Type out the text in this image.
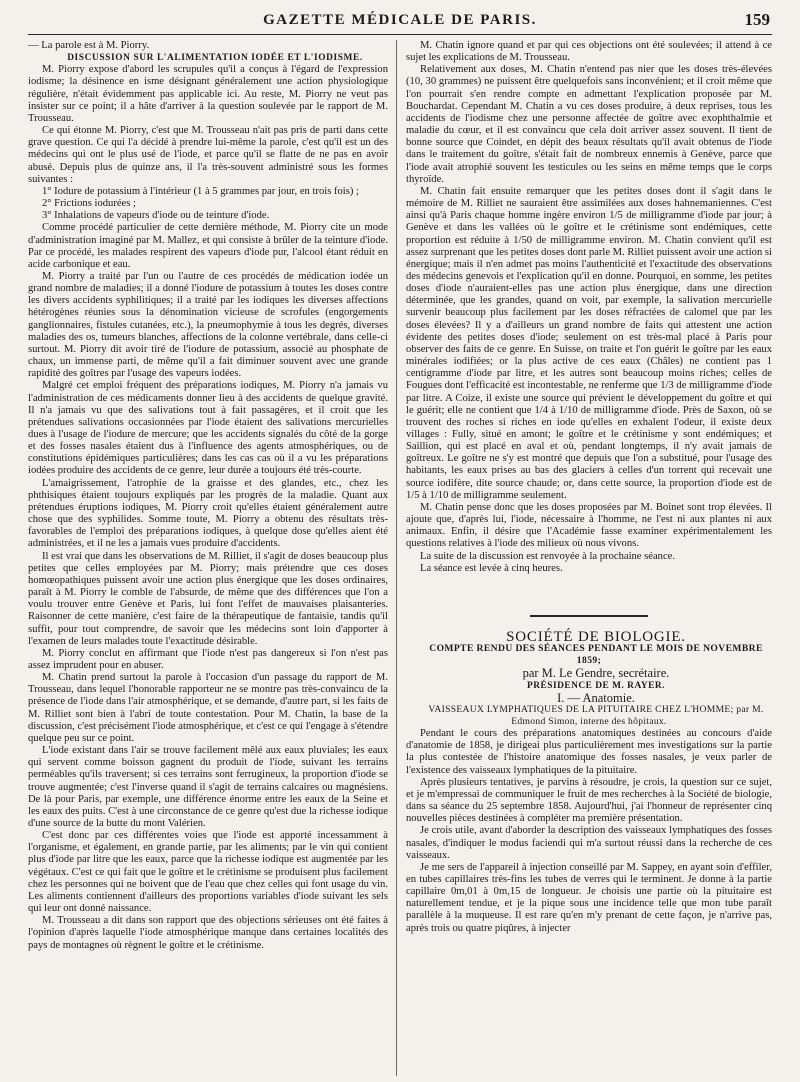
GAZETTE MÉDICALE DE PARIS.	159

— La parole est à M. Piorry.

DISCUSSION SUR L'ALIMENTATION IODÉE ET L'IODISME.

M. Piorry expose d'abord les scrupules qu'il a conçus à l'égard de l'expression iodisme; la désinence en isme désignant généralement une action physiologique régulière, n'était évidemment pas applicable ici. Au reste, M. Piorry ne veut pas insister sur ce point; il a hâte d'arriver à la question soulevée par le rapport de M. Trousseau.

Ce qui étonne M. Piorry, c'est que M. Trousseau n'ait pas pris de parti dans cette grave question. Ce qui l'a décidé à prendre lui-même la parole, c'est qu'il est un des médecins qui ont le plus usé de l'iode, et parce qu'il se flatte de ne pas en avoir abusé. Depuis plus de quinze ans, il l'a très-souvent administré sous les formes suivantes :

1° Iodure de potassium à l'intérieur (1 à 5 grammes par jour, en trois fois) ;

2° Frictions iodurées ;

3° Inhalations de vapeurs d'iode ou de teinture d'iode.

Comme procédé particulier de cette dernière méthode, M. Piorry cite un mode d'administration imaginé par M. Mallez, et qui consiste à brûler de la teinture d'iode. Par ce procédé, les malades respirent des vapeurs d'iode pur, l'alcool étant réduit en acide carbonique et eau.

M. Piorry a traité par l'un ou l'autre de ces procédés de médication iodée un grand nombre de maladies; il a donné l'iodure de potassium à toutes les doses contre les divers accidents syphilitiques; il a traité par les iodiques les diverses affections hétérogènes réunies sous la dénomination vicieuse de scrofules (engorgements ganglionnaires, fistules cutanées, etc.), la pneumophymie à tous les degrés, diverses maladies des os, tumeurs blanches, affections de la colonne vertébrale, dans celle-ci surtout. M. Piorry dit avoir tiré de l'iodure de potassium, associé au phosphate de chaux, un immense parti, de même qu'il a fait diminuer souvent avec une grande rapidité des goîtres par l'usage des vapeurs iodées.

Malgré cet emploi fréquent des préparations iodiques, M. Piorry n'a jamais vu l'administration de ces médicaments donner lieu à des accidents de quelque gravité. Il n'a jamais vu que des salivations tout à fait passagères, et il croit que les prétendues salivations occasionnées par l'iode étaient des salivations mercurielles dues à l'usage de l'iodure de mercure; que les accidents signalés du côté de la gorge et des fosses nasales étaient dus à l'influence des agents atmosphériques, ou de constitutions épidémiques particulières; dans les cas cas où il a vu les préparations iodées produire des accidents de ce genre, leur durée a toujours été très-courte.

L'amaigrissement, l'atrophie de la graisse et des glandes, etc., chez les phthisiques étaient toujours expliqués par les progrès de la maladie. Quant aux prétendues éruptions iodiques, M. Piorry croit qu'elles étaient généralement autre chose que des syphilides. Somme toute, M. Piorry a obtenu des résultats très-favorables de l'emploi des préparations iodiques, à quelque dose qu'elles aient été administrées, et il ne les a jamais vues produire d'accidents.

Il est vrai que dans les observations de M. Rilliet, il s'agit de doses beaucoup plus petites que celles employées par M. Piorry; mais prétendre que ces doses homœopathiques puissent avoir une action plus énergique que les doses ordinaires, paraît à M. Piorry le comble de l'absurde, de même que des différences que l'on a voulu trouver entre Genève et Paris, lui font l'effet de mauvaises plaisanteries. Raisonner de cette manière, c'est faire de la thérapeutique de fantaisie, tandis qu'il suffit, pour tout comprendre, de savoir que les médecins sont loin d'apporter à l'examen de leurs malades toute l'exactitude désirable.

M. Piorry conclut en affirmant que l'iode n'est pas dangereux si l'on n'est pas assez imprudent pour en abuser.

M. Chatin prend surtout la parole à l'occasion d'un passage du rapport de M. Trousseau, dans lequel l'honorable rapporteur ne se montre pas très-convaincu de la présence de l'iode dans l'air atmosphérique, et se demande, d'autre part, si les faits de M. Rilliet sont bien à l'abri de toute contestation. Pour M. Chatin, la base de la discussion, c'est précisément l'iode atmosphérique, et c'est ce qui l'engage à s'étendre quelque peu sur ce point.

L'iode existant dans l'air se trouve facilement mêlé aux eaux pluviales; les eaux qui servent comme boisson gagnent du produit de l'iode, suivant les terrains perméables qu'ils traversent; si ces terrains sont ferrugineux, la proportion d'iode se trouve augmentée; c'est l'inverse quand il s'agit de terrains calcaires ou magnésiens. De là pour Paris, par exemple, une différence énorme entre les eaux de la Seine et les eaux des puits. C'est à une circonstance de ce genre qu'est due la richesse iodique d'une source de la butte du mont Valérien.

C'est donc par ces différentes voies que l'iode est apporté incessamment à l'organisme, et également, en grande partie, par les aliments; par le vin qui contient plus d'iode par litre que les eaux, parce que la richesse iodique est augmentée par les végétaux. C'est ce qui fait que le goître et le crétinisme se produisent plus facilement chez les personnes qui ne boivent que de l'eau que chez celles qui font usage du vin. Les aliments contiennent d'ailleurs des proportions variables d'iode suivant les sels qui leur ont donné naissance.

M. Trousseau a dit dans son rapport que des objections sérieuses ont été faites à l'opinion d'après laquelle l'iode atmosphérique manque dans certaines localités des pays de montagnes où règnent le goître et le crétinisme.

M. Chatin ignore quand et par qui ces objections ont été soulevées; il attend à ce sujet les explications de M. Trousseau.

Relativement aux doses, M. Chatin n'entend pas nier que les doses très-élevées (10, 30 grammes) ne puissent être quelquefois sans inconvénient; et il croit même que l'on pourrait s'en rendre compte en admettant l'explication proposée par M. Bouchardat. Cependant M. Chatin a vu ces doses produire, à deux reprises, tous les accidents de l'iodisme chez une personne affectée de goître avec exophthalmie et maladie du cœur, et il est convaincu que cela doit arriver assez souvent. Il tient de bonne source que Coindet, en dépit des beaux résultats qu'il avait obtenus de l'iode dans le traitement du goître, s'était fait de nombreux ennemis à Genève, parce que l'iode avait atrophié souvent les testicules ou les seins en même temps que le corps thyroïde.

M. Chatin fait ensuite remarquer que les petites doses dont il s'agit dans le mémoire de M. Rilliet ne sauraient être assimilées aux doses hahnemaniennes. C'est ainsi qu'à Paris chaque homme ingère environ 1/5 de milligramme d'iode par jour; à Genève et dans les vallées où le goître et le crétinisme sont endémiques, cette proportion est réduite à 1/50 de milligramme environ. M. Chatin convient qu'il est assez surprenant que les petites doses dont parle M. Rilliet puissent avoir une action si énergique; mais il n'en admet pas moins l'authenticité et l'exactitude des observations des médecins genevois et l'explication qu'il en donne. Pourquoi, en somme, les petites doses d'iode n'auraient-elles pas une action plus énergique, dans une direction déterminée, que les grandes, quand on voit, par exemple, la salivation mercurielle survenir beaucoup plus facilement par les doses réfractées de calomel que par les doses élevées? Il y a d'ailleurs un grand nombre de faits qui attestent une action évidente des petites doses d'iode; seulement on est très-mal placé à Paris pour observer des faits de ce genre. En Suisse, on traite et l'on guérit le goître par les eaux minérales iodifiées; or la plus active de ces eaux (Châles) ne contient pas 1 centigramme d'iode par litre, et les autres sont beaucoup moins riches; celles de Fougues dont l'efficacité est incontestable, ne renferme que 1/3 de milligramme d'iode par litre. A Coize, il existe une source qui prévient le développement du goître et qui le guérit; elle ne contient que 1/4 à 1/10 de milligramme d'iode. Près de Saxon, où se trouvent des roches si riches en iode qu'elles en exhalent l'odeur, il existe deux villages : Fully, situé en amont; le goître et le crétinisme y sont endémiques; et Saillion, qui est placé en aval et où, pendant longtemps, il n'y avait jamais de goîtreux. Le goître ne s'y est montré que depuis que l'on a substitué, pour l'usage des habitants, les eaux prises au bas des glaciers à celles d'un torrent qui recevait une source iodifère, dite source chaude; or, dans cette source, la proportion d'iode est de 1/5 à 1/10 de milligramme seulement.

M. Chatin pense donc que les doses proposées par M. Boinet sont trop élevées. Il ajoute que, d'après lui, l'iode, nécessaire à l'homme, ne l'est ni aux plantes ni aux animaux. Enfin, il désire que l'Académie fasse examiner expérimentalement les questions relatives à l'iode des milieux où nous vivons.

La suite de la discussion est renvoyée à la prochaine séance.

La séance est levée à cinq heures.

SOCIÉTÉ DE BIOLOGIE.

COMPTE RENDU DES SÉANCES PENDANT LE MOIS DE NOVEMBRE 1859;

par M. Le Gendre, secrétaire.

PRÉSIDENCE DE M. RAYER.

I. — Anatomie.

VAISSEAUX LYMPHATIQUES DE LA PITUITAIRE CHEZ L'HOMME; par M. Edmond Simon, interne des hôpitaux.

Pendant le cours des préparations anatomiques destinées au concours d'aide d'anatomie de 1858, je dirigeai plus particulièrement mes investigations sur la partie la plus contestée de l'histoire anatomique des fosses nasales, je veux parler de l'existence des vaisseaux lymphatiques de la pituitaire.

Après plusieurs tentatives, je parvins à résoudre, je crois, la question sur ce sujet, et je m'empressai de communiquer le fruit de mes recherches à la Société de biologie, dans sa séance du 25 septembre 1858. Aujourd'hui, j'ai l'honneur de représenter cinq nouvelles pièces destinées à compléter ma première présentation.

Je crois utile, avant d'aborder la description des vaisseaux lymphatiques des fosses nasales, d'indiquer le modus faciendi qui m'a surtout réussi dans la recherche de ces vaisseaux.

Je me sers de l'appareil à injection conseillé par M. Sappey, en ayant soin d'effiler, en tubes capillaires très-fins les tubes de verres qui le terminent. Je donne à la partie capillaire 0m,01 à 0m,15 de longueur. Je choisis une partie où la pituitaire est naturellement tendue, et je la pique sous une incidence telle que mon tube paraît parallèle à la muqueuse. Il est rare qu'en m'y prenant de cette façon, je n'arrive pas, après trois ou quatre piqûres, à injecter
